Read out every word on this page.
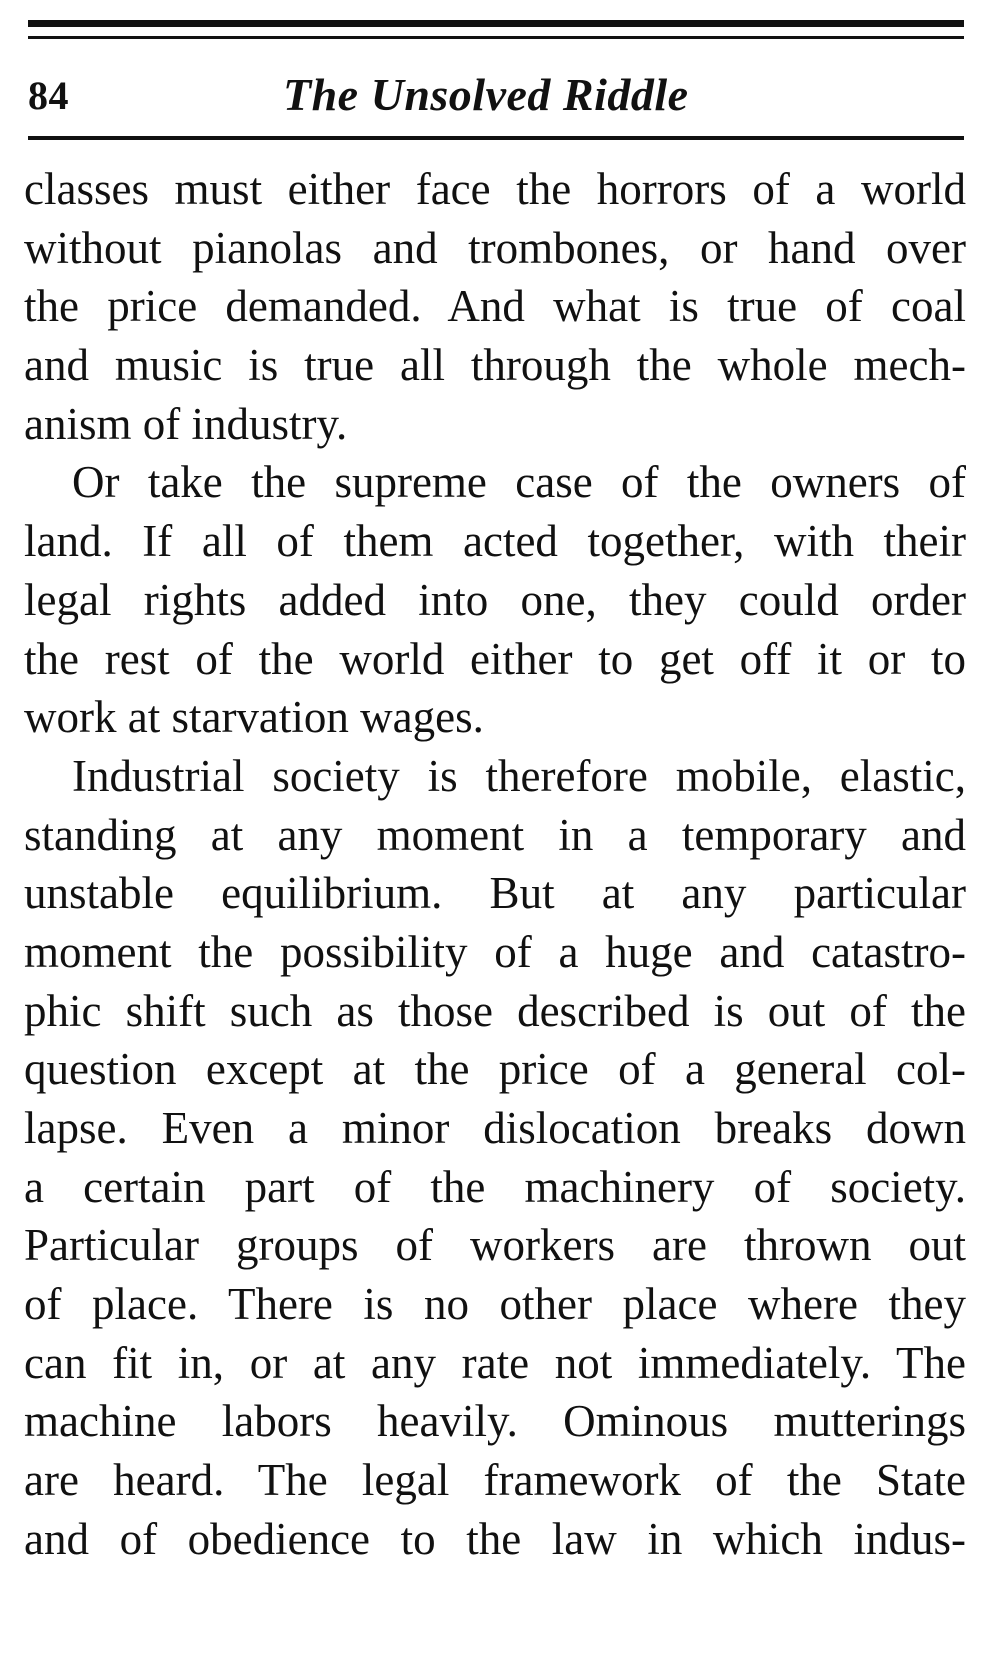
84	The Unsolved Riddle
classes must either face the horrors of a world
without pianolas and trombones, or hand over
the price demanded. And what is true of coal
and music is true all through the whole mech-
anism of industry.
Or take the supreme case of the owners of
land. If all of them acted together, with their
legal rights added into one, they could order
the rest of the world either to get off it or to
work at starvation wages.
Industrial society is therefore mobile, elastic,
standing at any moment in a temporary and
unstable equilibrium. But at any particular
moment the possibility of a huge and catastro-
phic shift such as those described is out of the
question except at the price of a general col-
lapse. Even a minor dislocation breaks down
a certain part of the machinery of society.
Particular groups of workers are thrown out
of place. There is no other place where they
can fit in, or at any rate not immediately. The
machine labors heavily. Ominous mutterings
are heard. The legal framework of the State
and of obedience to the law in which indus-
